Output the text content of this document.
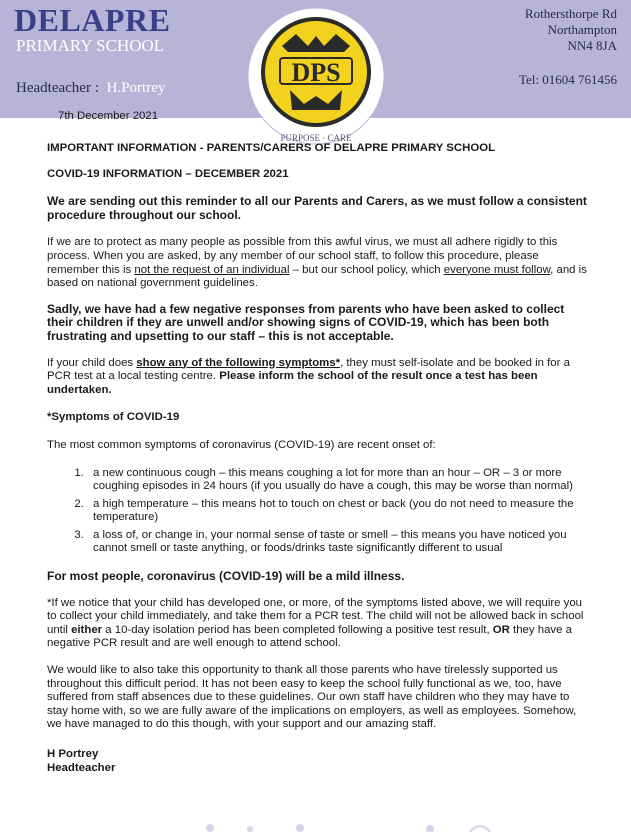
DELAPRE
PRIMARY SCHOOL
Headteacher : H.Portrey
Rothersthorpe Rd
Northampton
NN4 8JA
Tel: 01604 761456
DPS
PURPOSE · CARE
7th December 2021

IMPORTANT INFORMATION - PARENTS/CARERS OF DELAPRE PRIMARY SCHOOL

COVID-19 INFORMATION – DECEMBER 2021

We are sending out this reminder to all our Parents and Carers, as we must follow a consistent procedure throughout our school.

If we are to protect as many people as possible from this awful virus, we must all adhere rigidly to this process. When you are asked, by any member of our school staff, to follow this procedure, please remember this is not the request of an individual – but our school policy, which everyone must follow, and is based on national government guidelines.

Sadly, we have had a few negative responses from parents who have been asked to collect their children if they are unwell and/or showing signs of COVID-19, which has been both frustrating and upsetting to our staff – this is not acceptable.

If your child does show any of the following symptoms*, they must self-isolate and be booked in for a PCR test at a local testing centre. Please inform the school of the result once a test has been undertaken.

*Symptoms of COVID-19

The most common symptoms of coronavirus (COVID-19) are recent onset of:

1. a new continuous cough – this means coughing a lot for more than an hour – OR – 3 or more coughing episodes in 24 hours (if you usually do have a cough, this may be worse than normal)
2. a high temperature – this means hot to touch on chest or back (you do not need to measure the temperature)
3. a loss of, or change in, your normal sense of taste or smell – this means you have noticed you cannot smell or taste anything, or foods/drinks taste significantly different to usual

For most people, coronavirus (COVID-19) will be a mild illness.

*If we notice that your child has developed one, or more, of the symptoms listed above, we will require you to collect your child immediately, and take them for a PCR test. The child will not be allowed back in school until either a 10-day isolation period has been completed following a positive test result, OR they have a negative PCR result and are well enough to attend school.

We would like to also take this opportunity to thank all those parents who have tirelessly supported us throughout this difficult period. It has not been easy to keep the school fully functional as we, too, have suffered from staff absences due to these guidelines. Our own staff have children who they may have to stay home with, so we are fully aware of the implications on employers, as well as employees. Somehow, we have managed to do this though, with your support and our amazing staff.

H Portrey

Headteacher
